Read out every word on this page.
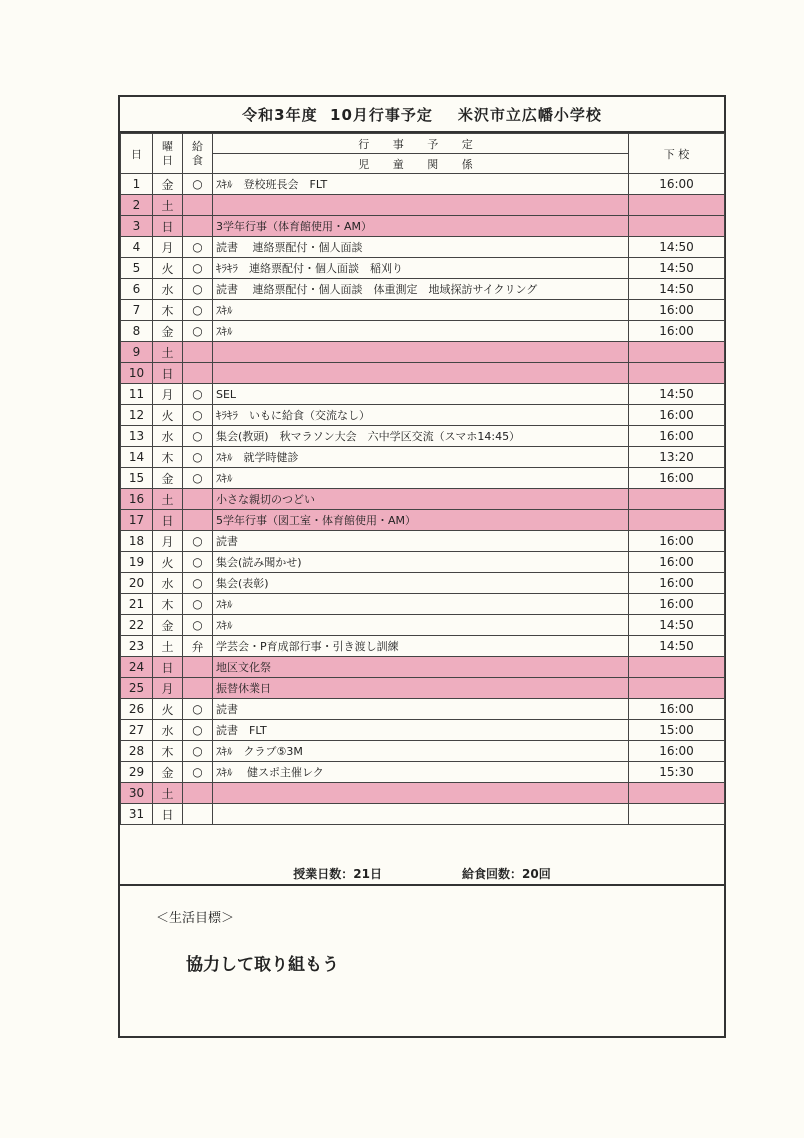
令和3年度
10月行事予定
米沢市立広幡小学校
日	曜日	給食	行 事 予 定	下 校
			児 童 関 係	
1	金	○	ｽｷﾙ　登校班長会　FLT	16:00
2	土			
3	日		3学年行事（体育館使用・AM）	
4	月	○	読書　 連絡票配付・個人面談	14:50
5	火	○	ｷﾗｷﾗ　連絡票配付・個人面談　稲刈り	14:50
6	水	○	読書　 連絡票配付・個人面談　体重測定　地域探訪サイクリング	14:50
7	木	○	ｽｷﾙ	16:00
8	金	○	ｽｷﾙ	16:00
9	土			
10	日			
11	月	○	SEL	14:50
12	火	○	ｷﾗｷﾗ　いもに給食（交流なし）	16:00
13	水	○	集会(教頭)　秋マラソン大会　六中学区交流（スマホ14:45）	16:00
14	木	○	ｽｷﾙ　就学時健診	13:20
15	金	○	ｽｷﾙ	16:00
16	土		小さな親切のつどい	
17	日		5学年行事（図工室・体育館使用・AM）	
18	月	○	読書	16:00
19	火	○	集会(読み聞かせ)	16:00
20	水	○	集会(表彰)	16:00
21	木	○	ｽｷﾙ	16:00
22	金	○	ｽｷﾙ	14:50
23	土	弁	学芸会・P育成部行事・引き渡し訓練	14:50
24	日		地区文化祭	
25	月		振替休業日	
26	火	○	読書	16:00
27	水	○	読書　FLT	15:00
28	木	○	ｽｷﾙ　クラブ⑤3M	16:00
29	金	○	ｽｷﾙ　 健スポ主催レク	15:30
30	土			
31	日			
授業日数：21日	給食回数：20回
＜生活目標＞
協力して取り組もう
